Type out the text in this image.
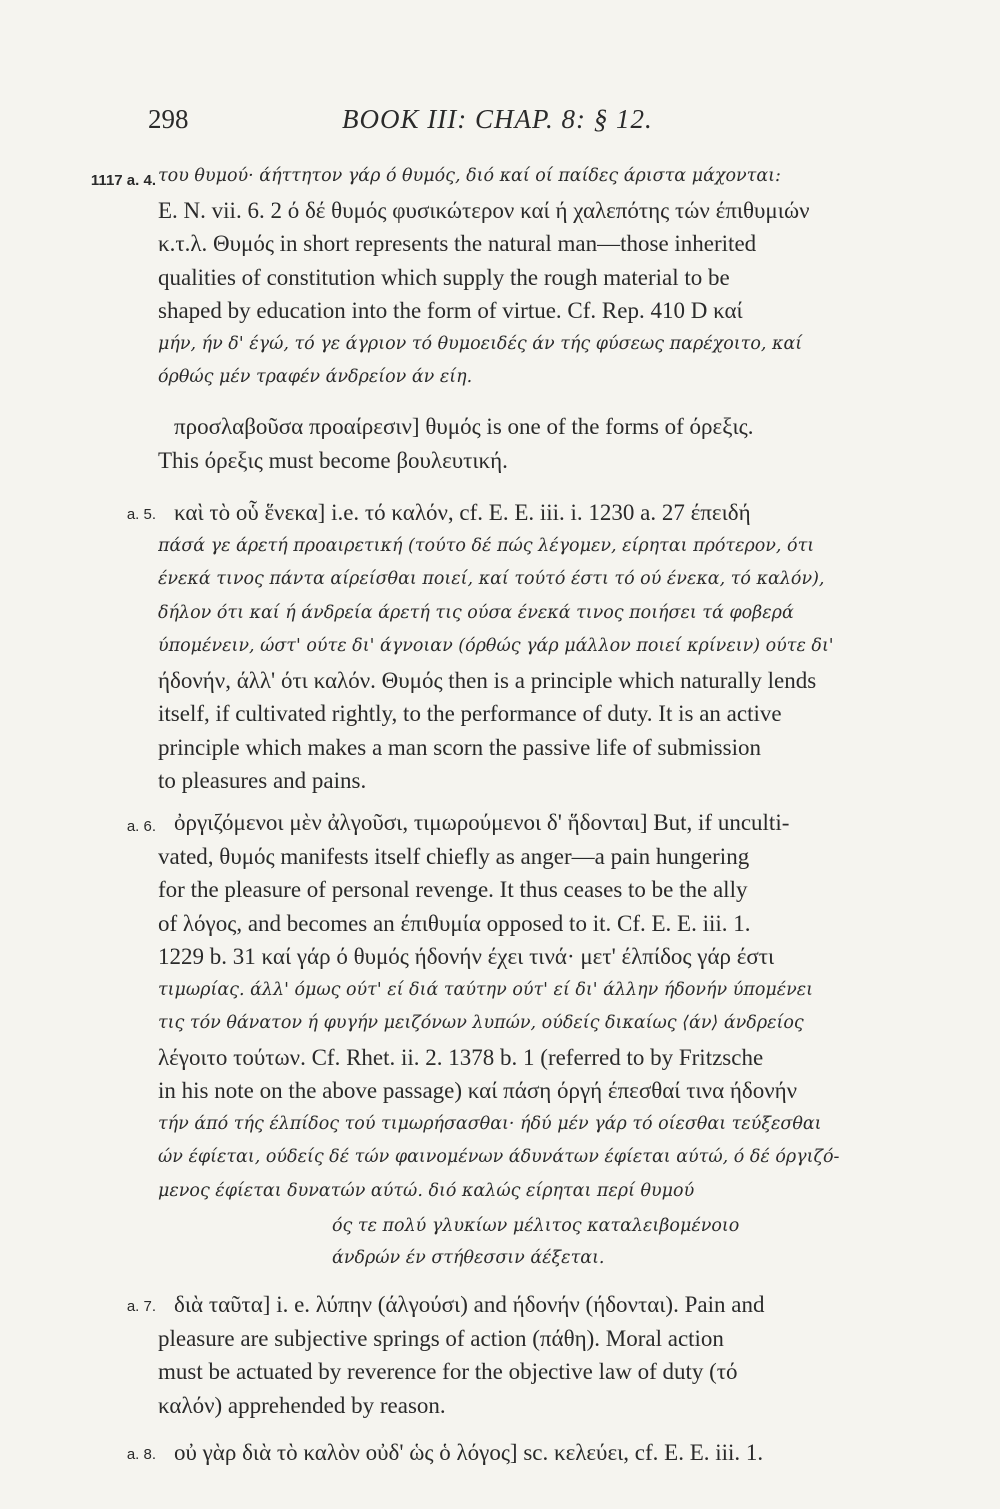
298	BOOK III: CHAP. 8: § 12.
1117 a. 4. του θυμού· άήττητον γάρ ό θυμός, διό καί οί παίδες άριστα μάχονται:
E. N. vii. 6. 2 ό δέ θυμός φυσικώτερον καί ή χαλεπότης τών έπιθυμιών
κ.τ.λ. Θυμός in short represents the natural man—those inherited
qualities of constitution which supply the rough material to be
shaped by education into the form of virtue. Cf. Rep. 410 D καί
μήν, ήν δ' έγώ, τό γε άγριον τό θυμοειδές άν τής φύσεως παρέχοιτο, καί
όρθώς μέν τραφέν άνδρείον άν είη.
προσλαβοῦσα προαίρεσιν] θυμός is one of the forms of όρεξις.
This όρεξις must become βουλευτική.
a. 5. καὶ τὸ οὗ ἕνεκα] i.e. τό καλόν, cf. E. E. iii. i. 1230 a. 27 έπειδή
πάσά γε άρετή προαιρετική (τούτο δέ πώς λέγομεν, είρηται πρότερον, ότι
ένεκά τινος πάντα αίρείσθαι ποιεί, καί τούτό έστι τό ού ένεκα, τό καλόν),
δήλον ότι καί ή άνδρεία άρετή τις ούσα ένεκά τινος ποιήσει τά φοβερά
ύπομένειν, ώστ' ούτε δι' άγνοιαν (όρθώς γάρ μάλλον ποιεί κρίνειν) ούτε δι'
ήδονήν, άλλ' ότι καλόν. Θυμός then is a principle which naturally lends
itself, if cultivated rightly, to the performance of duty. It is an active
principle which makes a man scorn the passive life of submission
to pleasures and pains.
a. 6. ὀργιζόμενοι μὲν ἀλγοῦσι, τιμωρούμενοι δ' ἥδονται] But, if unculti-
vated, θυμός manifests itself chiefly as anger—a pain hungering
for the pleasure of personal revenge. It thus ceases to be the ally
of λόγος, and becomes an έπιθυμία opposed to it. Cf. E. E. iii. 1.
1229 b. 31 καί γάρ ό θυμός ήδονήν έχει τινά· μετ' έλπίδος γάρ έστι
τιμωρίας. άλλ' όμως ούτ' εί διά ταύτην ούτ' εί δι' άλλην ήδονήν ύπομένει
τις τόν θάνατον ή φυγήν μειζόνων λυπών, ούδείς δικαίως ⟨άν⟩ άνδρείος
λέγοιτο τούτων. Cf. Rhet. ii. 2. 1378 b. 1 (referred to by Fritzsche
in his note on the above passage) καί πάση όργή έπεσθαί τινα ήδονήν
τήν άπό τής έλπίδος τού τιμωρήσασθαι· ήδύ μέν γάρ τό οίεσθαι τεύξεσθαι
ών έφίεται, ούδείς δέ τών φαινομένων άδυνάτων έφίεται αύτώ, ό δέ όργιζό-
μενος έφίεται δυνατών αύτώ. διό καλώς είρηται περί θυμού
ός τε πολύ γλυκίων μέλιτος καταλειβομένοιο
άνδρών έν στήθεσσιν άέξεται.
a. 7. διὰ ταῦτα] i. e. λύπην (άλγούσι) and ήδονήν (ήδονται). Pain and
pleasure are subjective springs of action (πάθη). Moral action
must be actuated by reverence for the objective law of duty (τό
καλόν) apprehended by reason.
a. 8. οὐ γὰρ διὰ τὸ καλὸν οὐδ' ὡς ὁ λόγος] sc. κελεύει, cf. E. E. iii. 1.
